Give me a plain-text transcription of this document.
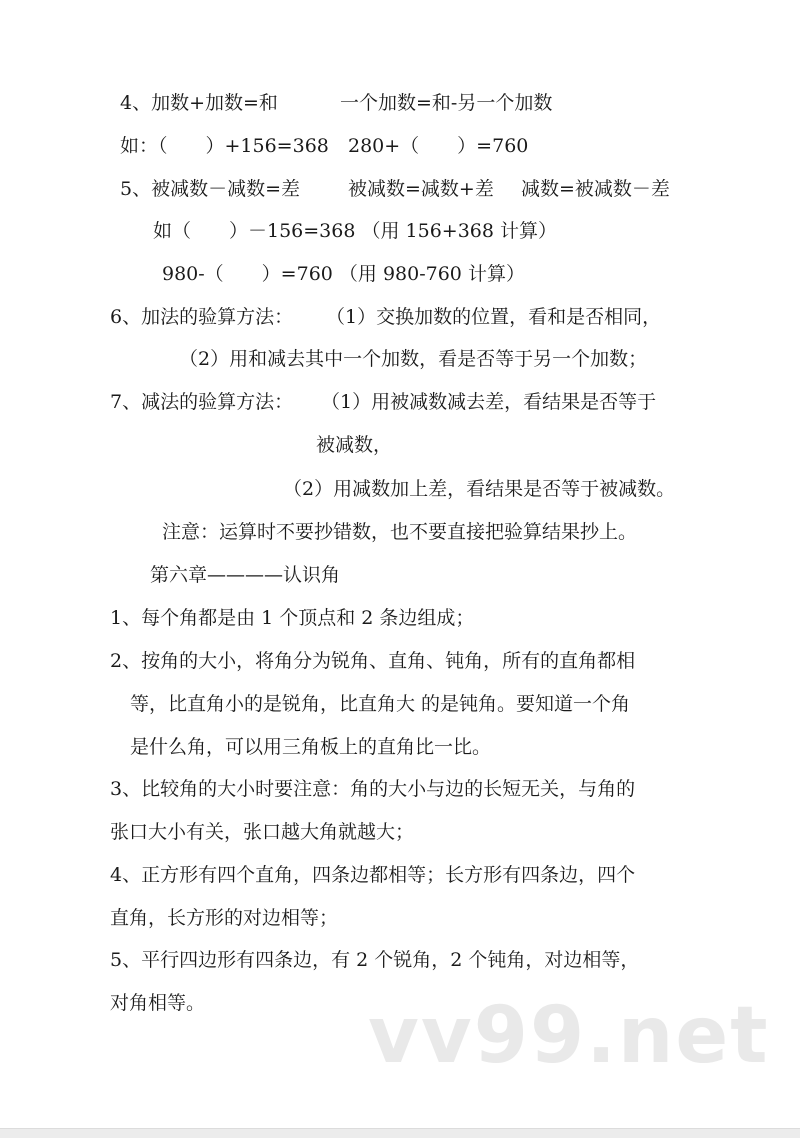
4、加数+加数=和	一个加数=和-另一个加数
如：（　　）+156=368 280+（　　）=760
5、被减数－减数=差	被减数=减数+差 减数=被减数－差
如（　　）－156=368 （用 156+368 计算）
980-（　　）=760 （用 980-760 计算）
6、加法的验算方法： （1）交换加数的位置，看和是否相同，
（2）用和减去其中一个加数，看是否等于另一个加数；
7、减法的验算方法： （1）用被减数减去差，看结果是否等于
被减数，
（2）用减数加上差，看结果是否等于被减数。
注意：运算时不要抄错数，也不要直接把验算结果抄上。
第六章————认识角
1、每个角都是由 1 个顶点和 2 条边组成；
2、按角的大小，将角分为锐角、直角、钝角，所有的直角都相
等，比直角小的是锐角，比直角大 的是钝角。要知道一个角
是什么角，可以用三角板上的直角比一比。
3、比较角的大小时要注意：角的大小与边的长短无关，与角的
张口大小有关，张口越大角就越大；
4、正方形有四个直角，四条边都相等；长方形有四条边，四个
直角，长方形的对边相等；
5、平行四边形有四条边，有 2 个锐角，2 个钝角，对边相等，
对角相等。 vv99.net
